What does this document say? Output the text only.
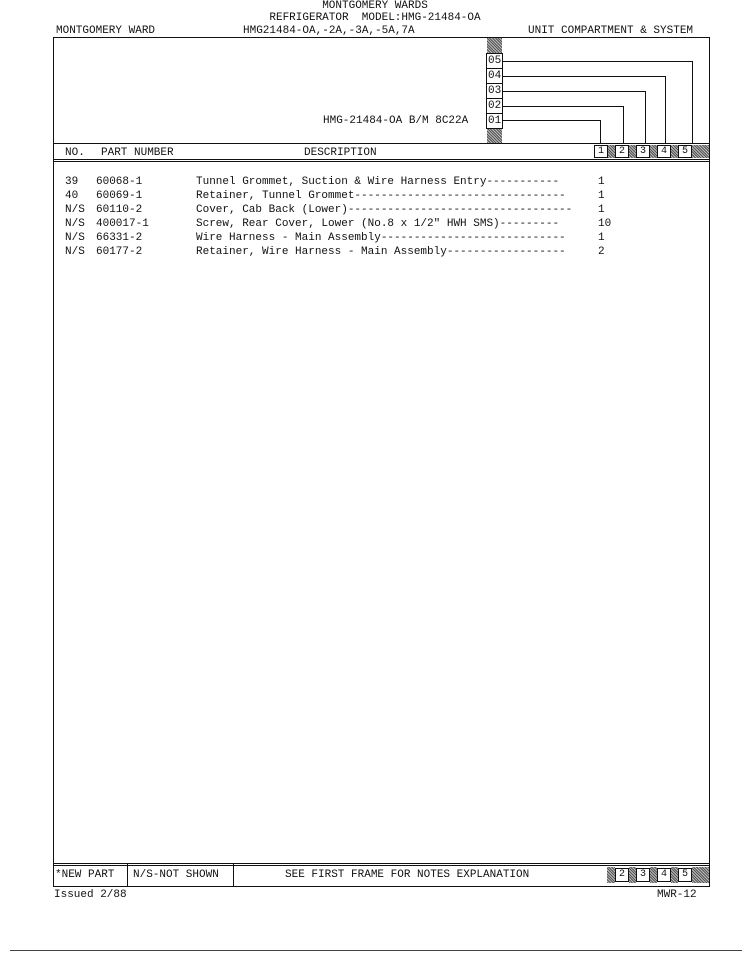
MONTGOMERY WARDS
REFRIGERATOR  MODEL:HMG-21484-OA
MONTGOMERY WARD	HMG21484-OA,-2A,-3A,-5A,7A	UNIT COMPARTMENT & SYSTEM
05
04
03
02
01
HMG-21484-OA B/M 8C22A
NO. PART NUMBER	DESCRIPTION	1	2	3	4	5
39 60068-1	Tunnel Grommet, Suction & Wire Harness Entry-----------	1
40 60069-1	Retainer, Tunnel Grommet--------------------------------	1
N/S 60110-2	Cover, Cab Back (Lower)---------------------------------- 1
N/S 400017-1	Screw, Rear Cover, Lower (No.8 x 1/2" HWH SMS)---------	10
N/S 66331-2	Wire Harness - Main Assembly----------------------------	1
N/S 60177-2	Retainer, Wire Harness - Main Assembly------------------	2
*NEW PART N/S-NOT SHOWN	SEE FIRST FRAME FOR NOTES EXPLANATION	2	3	4	5
Issued 2/88	MWR-12
